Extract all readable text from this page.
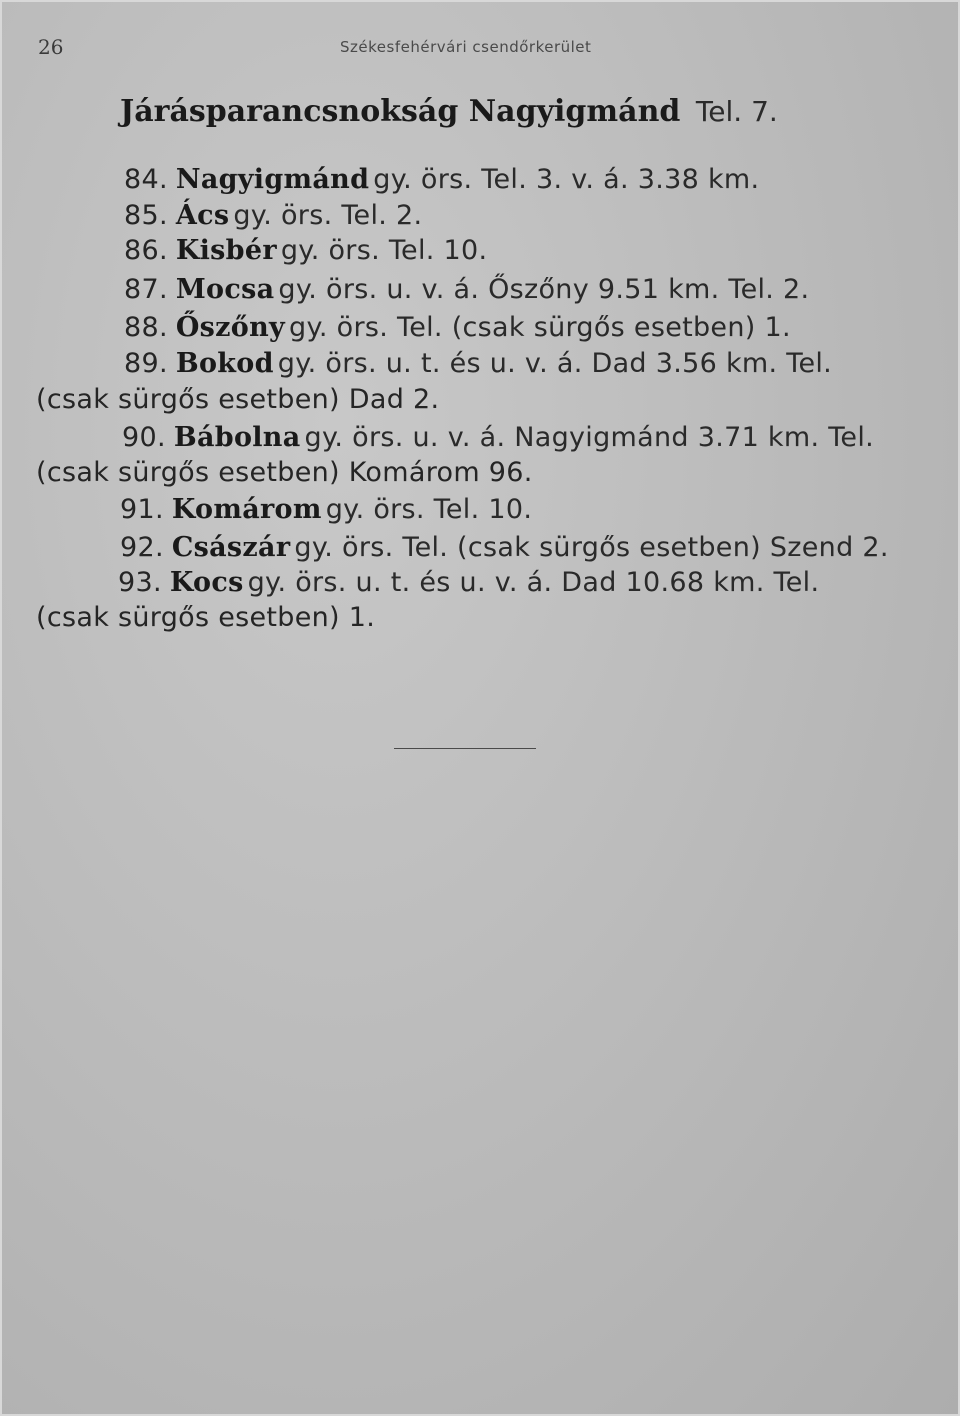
26	Székesfehérvári csendőrkerület
Járásparancsnokság Nagyigmánd Tel. 7.
84. Nagyigmánd gy. örs. Tel. 3. v. á. 3.38 km.
85. Ács gy. örs. Tel. 2.
86. Kisbér gy. örs. Tel. 10.
87. Mocsa gy. örs. u. v. á. Őszőny 9.51 km. Tel. 2.
88. Őszőny gy. örs. Tel. (csak sürgős esetben) 1.
89. Bokod gy. örs. u. t. és u. v. á. Dad 3.56 km. Tel.
(csak sürgős esetben) Dad 2.
90. Bábolna gy. örs. u. v. á. Nagyigmánd 3.71 km. Tel.
(csak sürgős esetben) Komárom 96.
91. Komárom gy. örs. Tel. 10.
92. Császár gy. örs. Tel. (csak sürgős esetben) Szend 2.
93. Kocs gy. örs. u. t. és u. v. á. Dad 10.68 km. Tel.
(csak sürgős esetben) 1.
